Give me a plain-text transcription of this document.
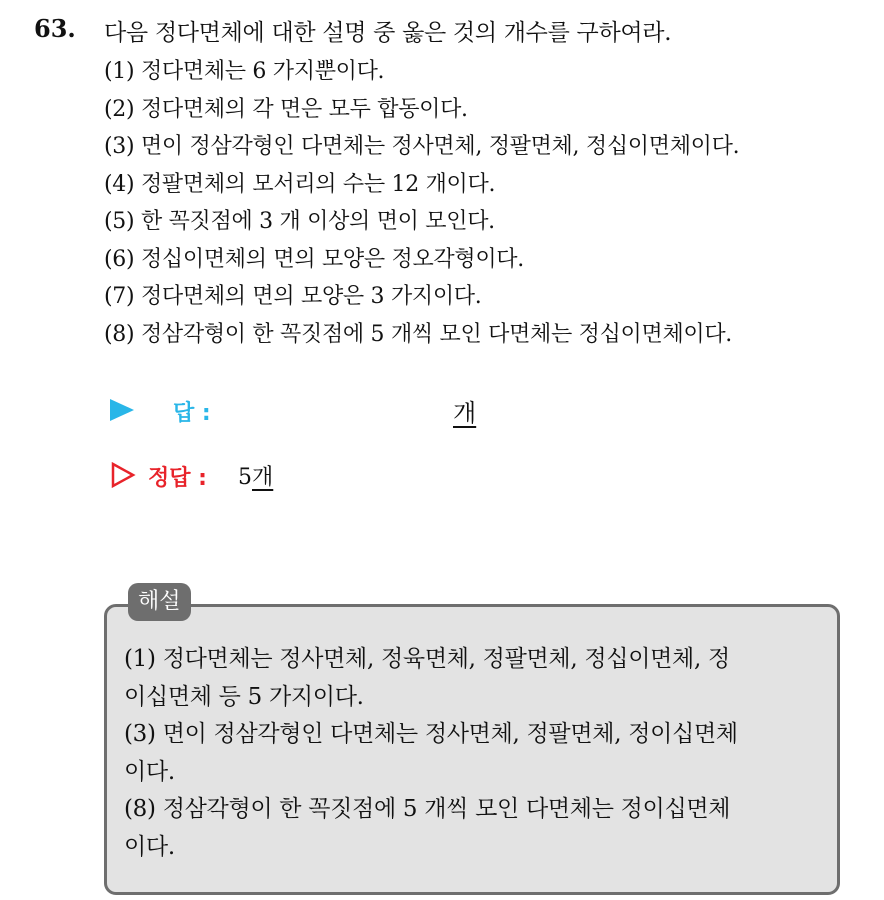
63. 다음 정다면체에 대한 설명 중 옳은 것의 개수를 구하여라.
(1) 정다면체는 6 가지뿐이다.
(2) 정다면체의 각 면은 모두 합동이다.
(3) 면이 정삼각형인 다면체는 정사면체, 정팔면체, 정십이면체이다.
(4) 정팔면체의 모서리의 수는 12 개이다.
(5) 한 꼭짓점에 3 개 이상의 면이 모인다.
(6) 정십이면체의 면의 모양은 정오각형이다.
(7) 정다면체의 면의 모양은 3 가지이다.
(8) 정삼각형이 한 꼭짓점에 5 개씩 모인 다면체는 정십이면체이다.
답 :	개
정답 : 5개
해설
(1) 정다면체는 정사면체, 정육면체, 정팔면체, 정십이면체, 정
이십면체 등 5 가지이다.
(3) 면이 정삼각형인 다면체는 정사면체, 정팔면체, 정이십면체
이다.
(8) 정삼각형이 한 꼭짓점에 5 개씩 모인 다면체는 정이십면체
이다.
